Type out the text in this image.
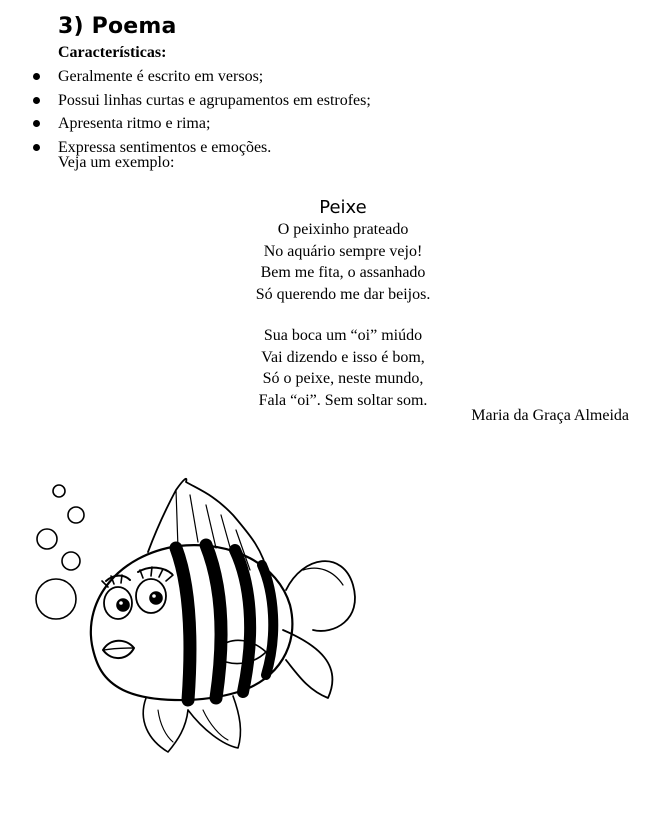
3) Poema
Características:
Geralmente é escrito em versos;
Possui linhas curtas e agrupamentos em estrofes;
Apresenta ritmo e rima;
Expressa sentimentos e emoções.
Veja um exemplo:
Peixe
O peixinho prateado
No aquário sempre vejo!
Bem me fita, o assanhado
Só querendo me dar beijos.
Sua boca um “oi” miúdo
Vai dizendo e isso é bom,
Só o peixe, neste mundo,
Fala “oi”. Sem soltar som.
Maria da Graça Almeida
